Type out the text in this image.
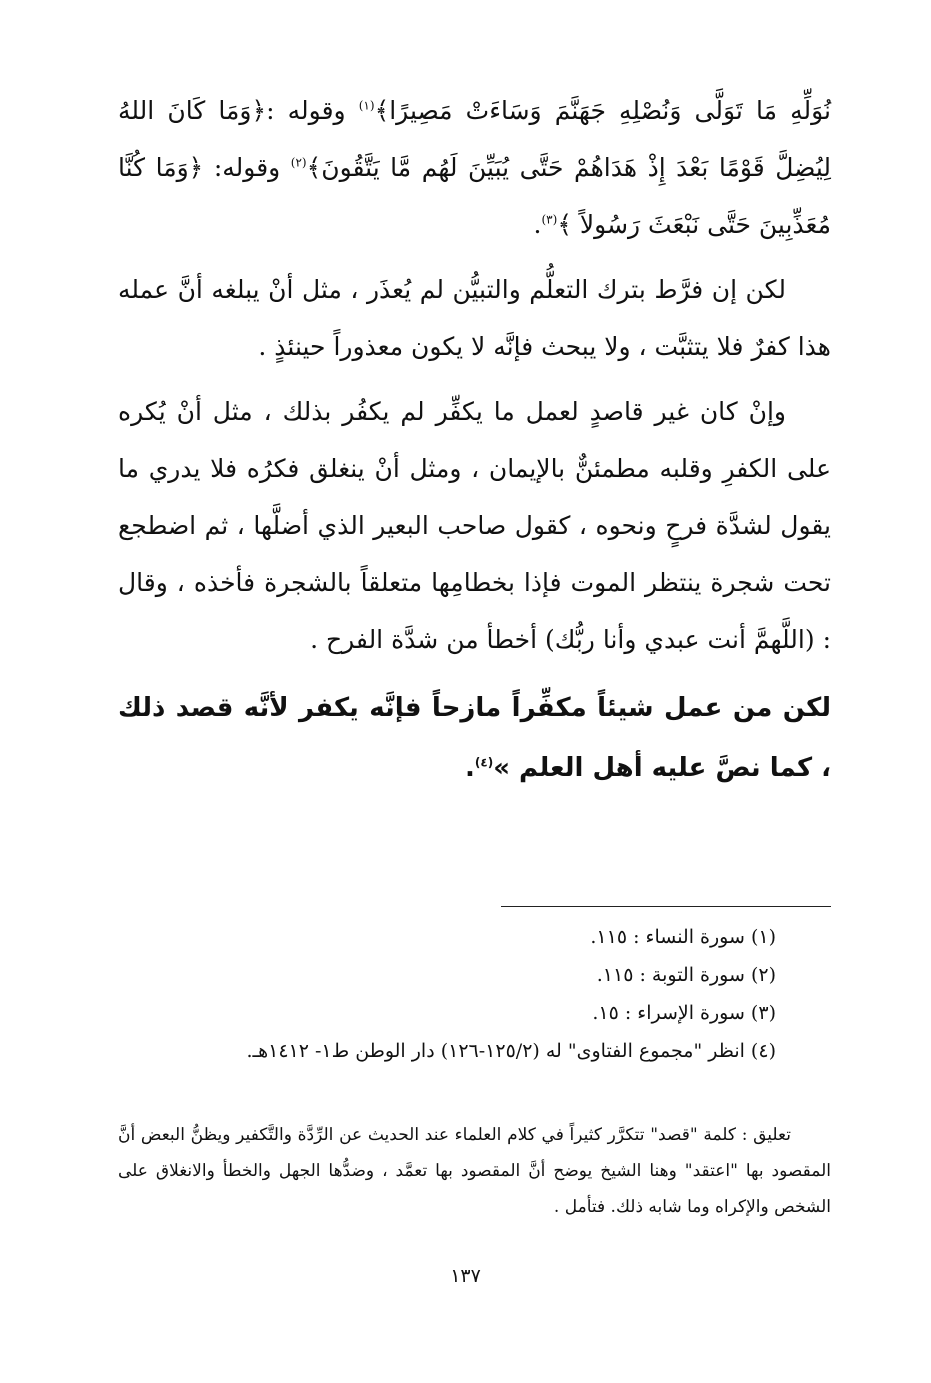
نُوَلِّهِ مَا تَوَلَّى وَنُصْلِهِ جَهَنَّمَ وَسَاءَتْ مَصِيرًا﴾$^{(١)}$ وقوله :﴿وَمَا كَانَ اللهُ لِيُضِلَّ قَوْمًا بَعْدَ إِذْ هَدَاهُمْ حَتَّى يُبَيِّنَ لَهُم مَّا يَتَّقُونَ﴾$^{(٢)}$ وقوله: ﴿وَمَا كُنَّا مُعَذِّبِينَ حَتَّى نَبْعَثَ رَسُولاً ﴾$^{(٣)}$.

لكن إن فرَّط بترك التعلُّم والتبيُّن لم يُعذَر ، مثل أنْ يبلغه أنَّ عمله هذا كفرٌ فلا يتثبَّت ، ولا يبحث فإنَّه لا يكون معذوراً حينئذٍ .

وإنْ كان غير قاصدٍ لعمل ما يكفِّر لم يكفُر بذلك ، مثل أنْ يُكره على الكفرِ وقلبه مطمئنٌّ بالإيمان ، ومثل أنْ ينغلق فكرُه فلا يدري ما يقول لشدَّة فرحٍ ونحوه ، كقول صاحب البعير الذي أضلَّها ، ثم اضطجع تحت شجرة ينتظر الموت فإذا بخطامِها متعلقاً بالشجرة فأخذه ، وقال : (اللَّهمَّ أنت عبدي وأنا ربُّك) أخطأ من شدَّة الفرح .

لكن من عمل شيئاً مكفِّراً مازحاً فإنَّه يكفر لأنَّه قصد ذلك ، كما نصَّ عليه أهل العلم »$^{(٤)}$.

(١) سورة النساء : ١١٥.

(٢) سورة التوبة : ١١٥.

(٣) سورة الإسراء : ١٥.

(٤) انظر "مجموع الفتاوى" له (١٢٥/٢-١٢٦) دار الوطن ط١- ١٤١٢هـ.

تعليق : كلمة "قصد" تتكرَّر كثيراً في كلام العلماء عند الحديث عن الرِّدَّة والتَّكفير ويظنُّ البعض أنَّ المقصود بها "اعتقد" وهنا الشيخ يوضح أنَّ المقصود بها تعمَّد ، وضدُّها الجهل والخطأ والانغلاق على الشخص والإكراه وما شابه ذلك. فتأمل .

١٣٧
